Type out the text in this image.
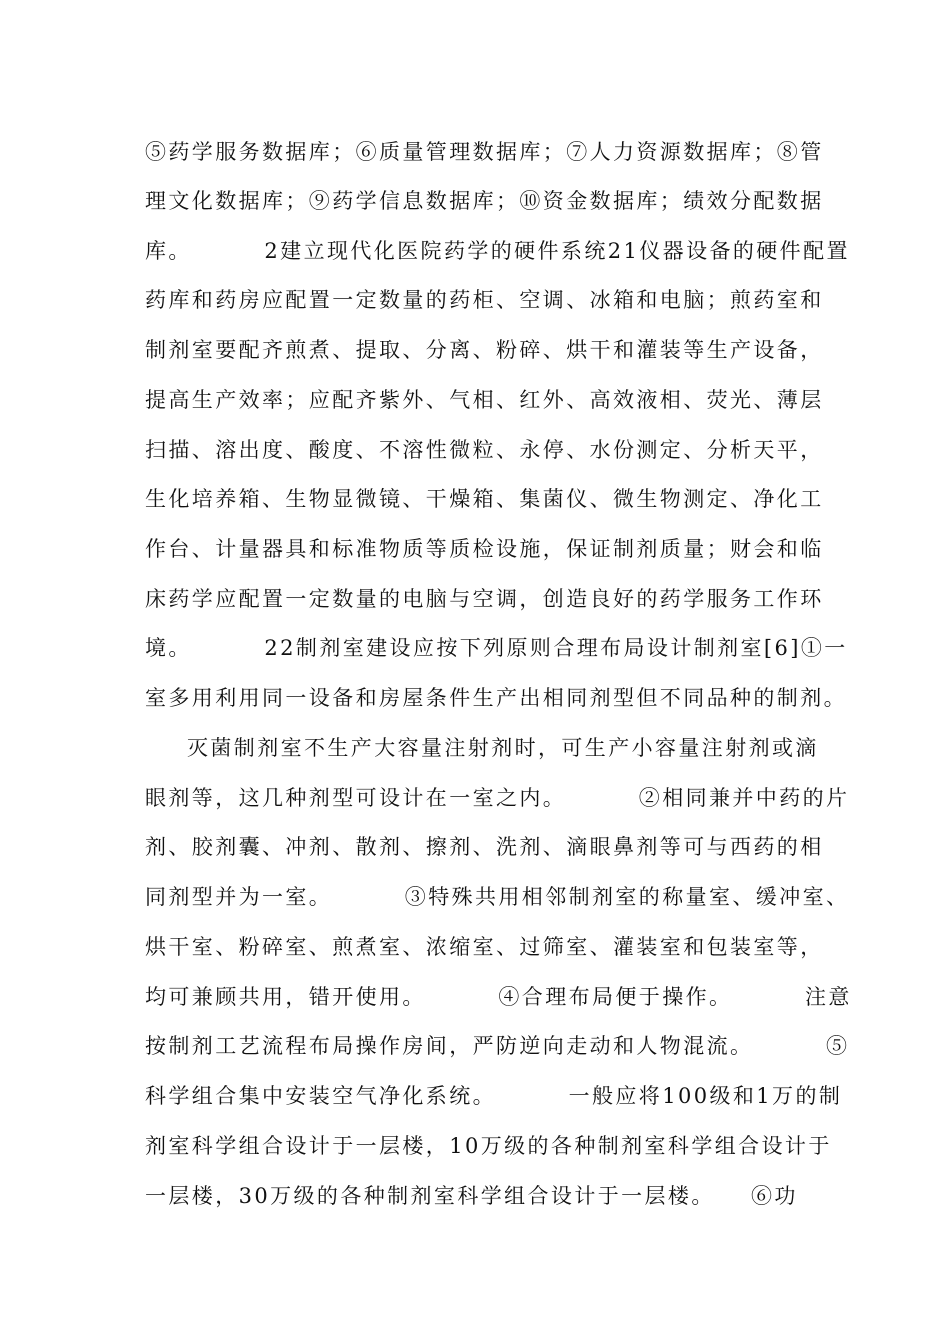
⑤药学服务数据库；⑥质量管理数据库；⑦人力资源数据库；⑧管
理文化数据库；⑨药学信息数据库；⑩资金数据库；绩效分配数据
库。        2建立现代化医院药学的硬件系统21仪器设备的硬件配置
药库和药房应配置一定数量的药柜、空调、冰箱和电脑；煎药室和
制剂室要配齐煎煮、提取、分离、粉碎、烘干和灌装等生产设备，
提高生产效率；应配齐紫外、气相、红外、高效液相、荧光、薄层
扫描、溶出度、酸度、不溶性微粒、永停、水份测定、分析天平，
生化培养箱、生物显微镜、干燥箱、集菌仪、微生物测定、净化工
作台、计量器具和标准物质等质检设施，保证制剂质量；财会和临
床药学应配置一定数量的电脑与空调，创造良好的药学服务工作环
境。        22制剂室建设应按下列原则合理布局设计制剂室[6]①一
室多用利用同一设备和房屋条件生产出相同剂型但不同品种的制剂。
灭菌制剂室不生产大容量注射剂时，可生产小容量注射剂或滴
眼剂等，这几种剂型可设计在一室之内。        ②相同兼并中药的片
剂、胶剂囊、冲剂、散剂、擦剂、洗剂、滴眼鼻剂等可与西药的相
同剂型并为一室。        ③特殊共用相邻制剂室的称量室、缓冲室、
烘干室、粉碎室、煎煮室、浓缩室、过筛室、灌装室和包装室等，
均可兼顾共用，错开使用。        ④合理布局便于操作。        注意
按制剂工艺流程布局操作房间，严防逆向走动和人物混流。        ⑤
科学组合集中安装空气净化系统。        一般应将100级和1万的制
剂室科学组合设计于一层楼，10万级的各种制剂室科学组合设计于
一层楼，30万级的各种制剂室科学组合设计于一层楼。    ⑥功
